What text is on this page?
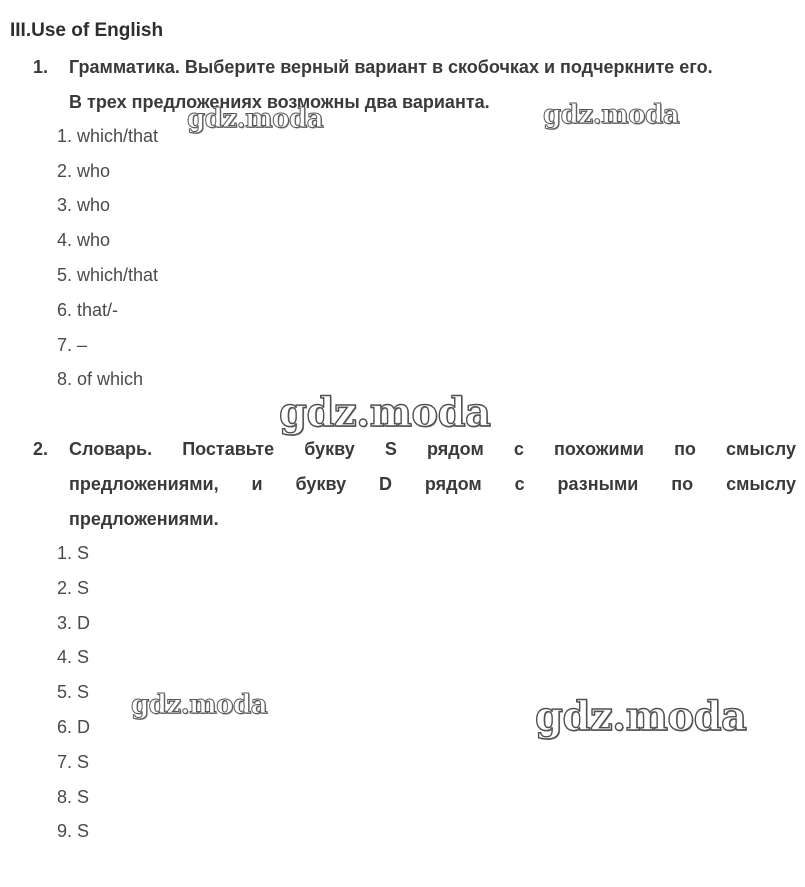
III.Use of English
1. Грамматика. Выберите верный вариант в скобочках и подчеркните его.
В трех предложениях возможны два варианта.
1. which/that
2. who
3. who
4. who
5. which/that
6. that/-
7. –
8. of which
2. Словарь. Поставьте букву S рядом с похожими по смыслу
предложениями, и букву D рядом с разными по смыслу
предложениями.
1. S
2. S
3. D
4. S
5. S
6. D
7. S
8. S
9. S
gdz.moda	gdz.moda
gdz.moda
gdz.moda	gdz.moda
